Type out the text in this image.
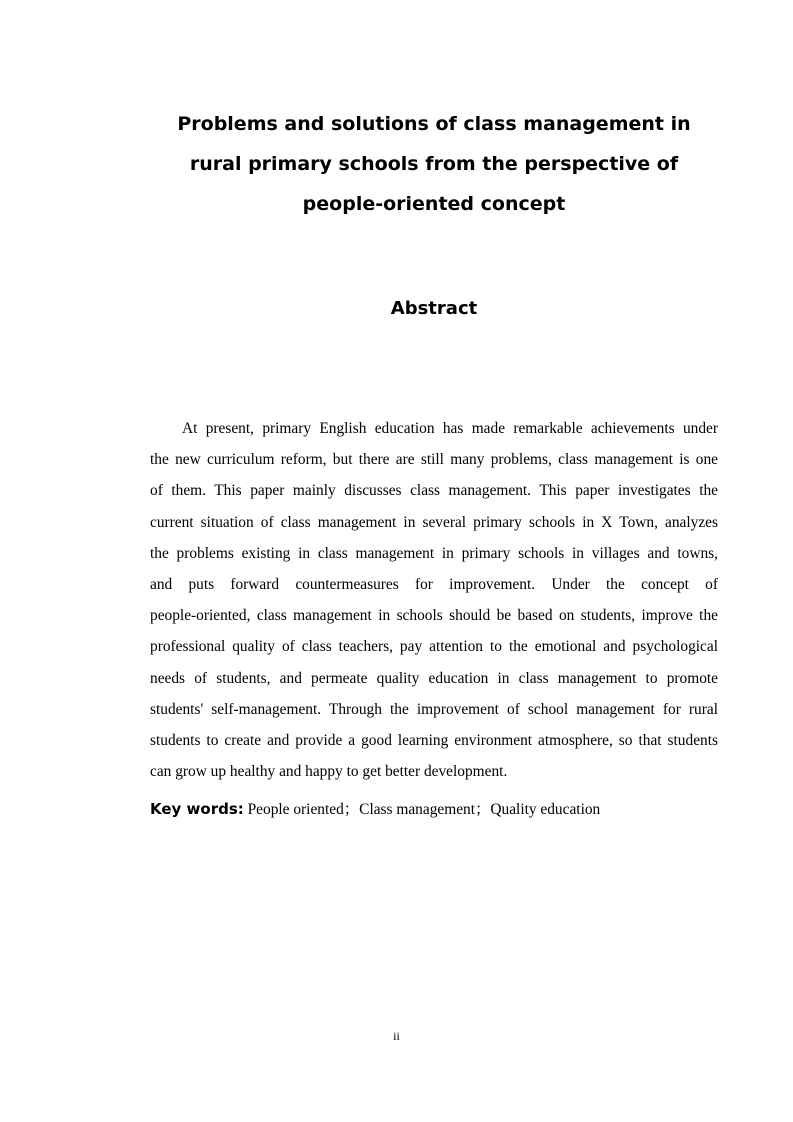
Problems and solutions of class management in
rural primary schools from the perspective of
people-oriented concept
Abstract
At present, primary English education has made remarkable achievements under
the new curriculum reform, but there are still many problems, class management is one
of them. This paper mainly discusses class management. This paper investigates the
current situation of class management in several primary schools in X Town, analyzes
the problems existing in class management in primary schools in villages and towns,
and puts forward countermeasures for improvement. Under the concept of
people-oriented, class management in schools should be based on students, improve the
professional quality of class teachers, pay attention to the emotional and psychological
needs of students, and permeate quality education in class management to promote
students' self-management. Through the improvement of school management for rural
students to create and provide a good learning environment atmosphere, so that students
can grow up healthy and happy to get better development.

Key words: People oriented；Class management；Quality education

ii
